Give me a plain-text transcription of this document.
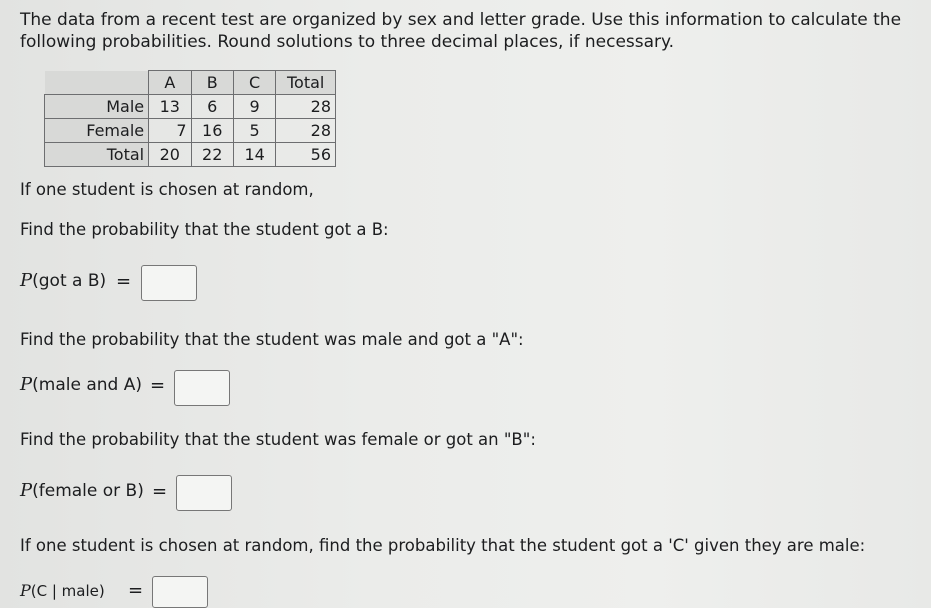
The data from a recent test are organized by sex and letter grade. Use this information to calculate the
following probabilities. Round solutions to three decimal places, if necessary.
	A	B	C	Total
Male	13	6	9	28
Female	7	16	5	28
Total	20	22	14	56
If one student is chosen at random,
Find the probability that the student got a B:
P(got a B) =
Find the probability that the student was male and got a "A":
P(male and A) =
Find the probability that the student was female or got an "B":
P(female or B) =
If one student is chosen at random, find the probability that the student got a 'C' given they are male:
P(C | male) =
